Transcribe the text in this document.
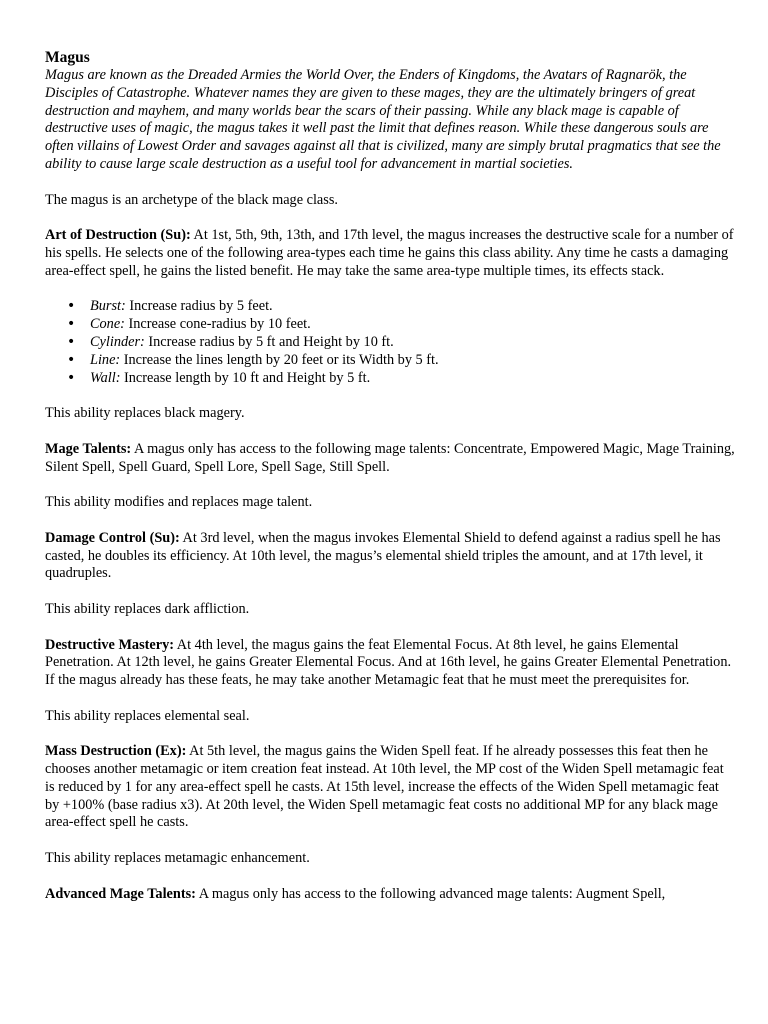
Magus

Magus are known as the Dreaded Armies the World Over, the Enders of Kingdoms, the Avatars of Ragnarök, the Disciples of Catastrophe. Whatever names they are given to these mages, they are the ultimately bringers of great destruction and mayhem, and many worlds bear the scars of their passing. While any black mage is capable of destructive uses of magic, the magus takes it well past the limit that defines reason. While these dangerous souls are often villains of Lowest Order and savages against all that is civilized, many are simply brutal pragmatics that see the ability to cause large scale destruction as a useful tool for advancement in martial societies.

The magus is an archetype of the black mage class.

Art of Destruction (Su): At 1st, 5th, 9th, 13th, and 17th level, the magus increases the destructive scale for a number of his spells. He selects one of the following area-types each time he gains this class ability. Any time he casts a damaging area-effect spell, he gains the listed benefit. He may take the same area-type multiple times, its effects stack.

• Burst: Increase radius by 5 feet.
• Cone: Increase cone-radius by 10 feet.
• Cylinder: Increase radius by 5 ft and Height by 10 ft.
• Line: Increase the lines length by 20 feet or its Width by 5 ft.
• Wall: Increase length by 10 ft and Height by 5 ft.

This ability replaces black magery.

Mage Talents: A magus only has access to the following mage talents: Concentrate, Empowered Magic, Mage Training, Silent Spell, Spell Guard, Spell Lore, Spell Sage, Still Spell.

This ability modifies and replaces mage talent.

Damage Control (Su): At 3rd level, when the magus invokes Elemental Shield to defend against a radius spell he has casted, he doubles its efficiency. At 10th level, the magus’s elemental shield triples the amount, and at 17th level, it quadruples.

This ability replaces dark affliction.

Destructive Mastery: At 4th level, the magus gains the feat Elemental Focus. At 8th level, he gains Elemental Penetration. At 12th level, he gains Greater Elemental Focus. And at 16th level, he gains Greater Elemental Penetration. If the magus already has these feats, he may take another Metamagic feat that he must meet the prerequisites for.

This ability replaces elemental seal.

Mass Destruction (Ex): At 5th level, the magus gains the Widen Spell feat. If he already possesses this feat then he chooses another metamagic or item creation feat instead. At 10th level, the MP cost of the Widen Spell metamagic feat is reduced by 1 for any area-effect spell he casts. At 15th level, increase the effects of the Widen Spell metamagic feat by +100% (base radius x3). At 20th level, the Widen Spell metamagic feat costs no additional MP for any black mage area-effect spell he casts.

This ability replaces metamagic enhancement.

Advanced Mage Talents: A magus only has access to the following advanced mage talents: Augment Spell,
